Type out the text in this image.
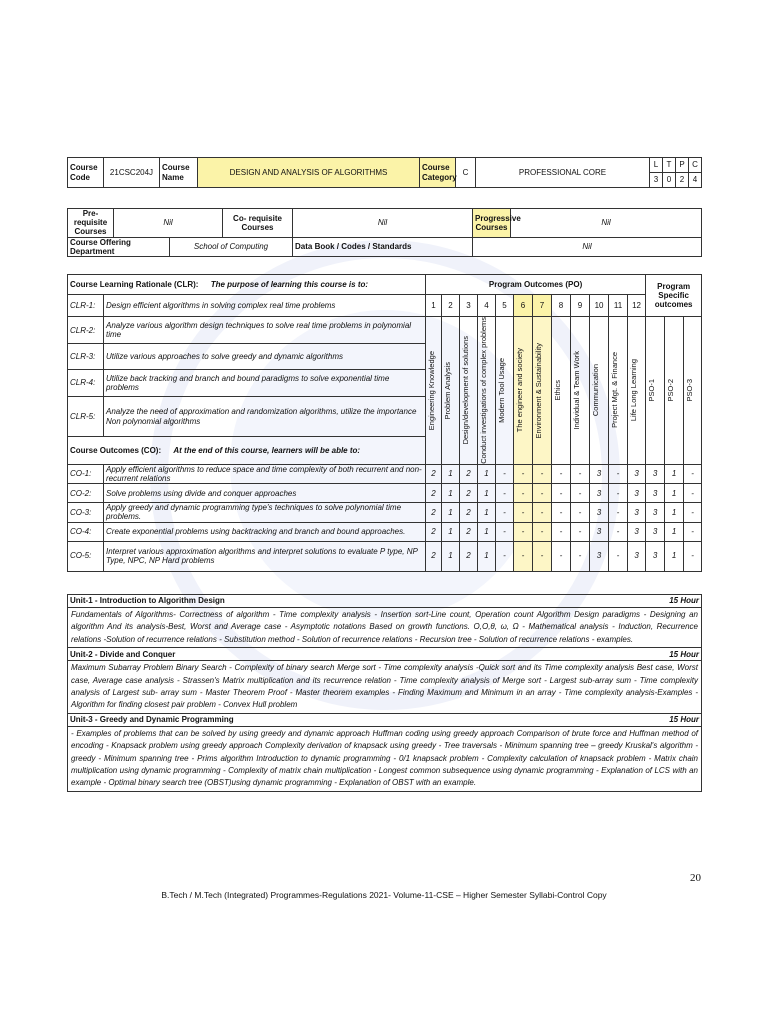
Course Code	21CSC204J	Course Name	DESIGN AND ANALYSIS OF ALGORITHMS	Course Category	C	PROFESSIONAL CORE	L	T	P	C
							3	0	2	4
Pre-requisite Courses	Nil		Co- requisite Courses	Nil	Progressive Courses	Nil
Course Offering Department		School of Computing		Data Book / Codes / Standards	Nil	
Course Learning Rationale (CLR): The purpose of learning this course is to:		Program Outcomes (PO)												Program Specific outcomes		
CLR-1:	Design efficient algorithms in solving complex real time problems	1	2	3	4	5	6	7	8	9	10	11	12			
CLR-2:	Analyze various algorithm design techniques to solve real time problems in polynomial time	Engineering Knowledge	Problem Analysis	Design/development of solutions	Conduct investigations of complex problems	Modern Tool Usage	The engineer and society	Environment & Sustainability	Ethics	Individual & Team Work	Communication	Project Mgt. & Finance	Life Long Learning	PSO-1	PSO-2	PSO-3

CLR-3:	Utilize various approaches to solve greedy and dynamic algorithms															
CLR-4:	Utilize back tracking and branch and bound paradigms to solve exponential time problems															
CLR-5:	Analyze the need of approximation and randomization algorithms, utilize the importance Non polynomial algorithms															
Course Outcomes (CO): At the end of this course, learners will be able to:																
CO-1:	Apply efficient algorithms to reduce space and time complexity of both recurrent and non-recurrent relations	2	1	2	1	-	-	-	-	-	3	-	3	3	1	-
CO-2:	Solve problems using divide and conquer approaches	2	1	2	1	-	-	-	-	-	3	-	3	3	1	-
CO-3:	Apply greedy and dynamic programming type's techniques to solve polynomial time problems.	2	1	2	1	-	-	-	-	-	3	-	3	3	1	-
CO-4:	Create exponential problems using backtracking and branch and bound approaches.	2	1	2	1	-	-	-	-	-	3	-	3	3	1	-
CO-5:	Interpret various approximation algorithms and interpret solutions to evaluate P type, NP Type, NPC, NP Hard problems	2	1	2	1	-	-	-	-	-	3	-	3	3	1	-
Unit-1 - Introduction to Algorithm Design	15 Hour
Fundamentals of Algorithms- Correctness of algorithm - Time complexity analysis - Insertion sort-Line count, Operation count Algorithm Design paradigms - Designing an algorithm And its analysis-Best, Worst and Average case - Asymptotic notations Based on growth functions. O,O,θ, ω, Ω - Mathematical analysis - Induction, Recurrence relations -Solution of recurrence relations - Substitution method - Solution of recurrence relations - Recursion tree - Solution of recurrence relations - examples.	
Unit-2 - Divide and Conquer	15 Hour
Maximum Subarray Problem Binary Search - Complexity of binary search Merge sort - Time complexity analysis -Quick sort and its Time complexity analysis Best case, Worst case, Average case analysis - Strassen's Matrix multiplication and its recurrence relation - Time complexity analysis of Merge sort - Largest sub-array sum - Time complexity analysis of Largest sub- array sum - Master Theorem Proof - Master theorem examples - Finding Maximum and Minimum in an array - Time complexity analysis-Examples - Algorithm for finding closest pair problem - Convex Hull problem	
Unit-3 - Greedy and Dynamic Programming	15 Hour
- Examples of problems that can be solved by using greedy and dynamic approach Huffman coding using greedy approach Comparison of brute force and Huffman method of encoding - Knapsack problem using greedy approach Complexity derivation of knapsack using greedy - Tree traversals - Minimum spanning tree – greedy Kruskal's algorithm - greedy - Minimum spanning tree - Prims algorithm Introduction to dynamic programming - 0/1 knapsack problem - Complexity calculation of knapsack problem - Matrix chain multiplication using dynamic programming - Complexity of matrix chain multiplication - Longest common subsequence using dynamic programming - Explanation of LCS with an example - Optimal binary search tree (OBST)using dynamic programming - Explanation of OBST with an example.	
20
B.Tech / M.Tech (Integrated) Programmes-Regulations 2021- Volume-11-CSE – Higher Semester Syllabi-Control Copy
